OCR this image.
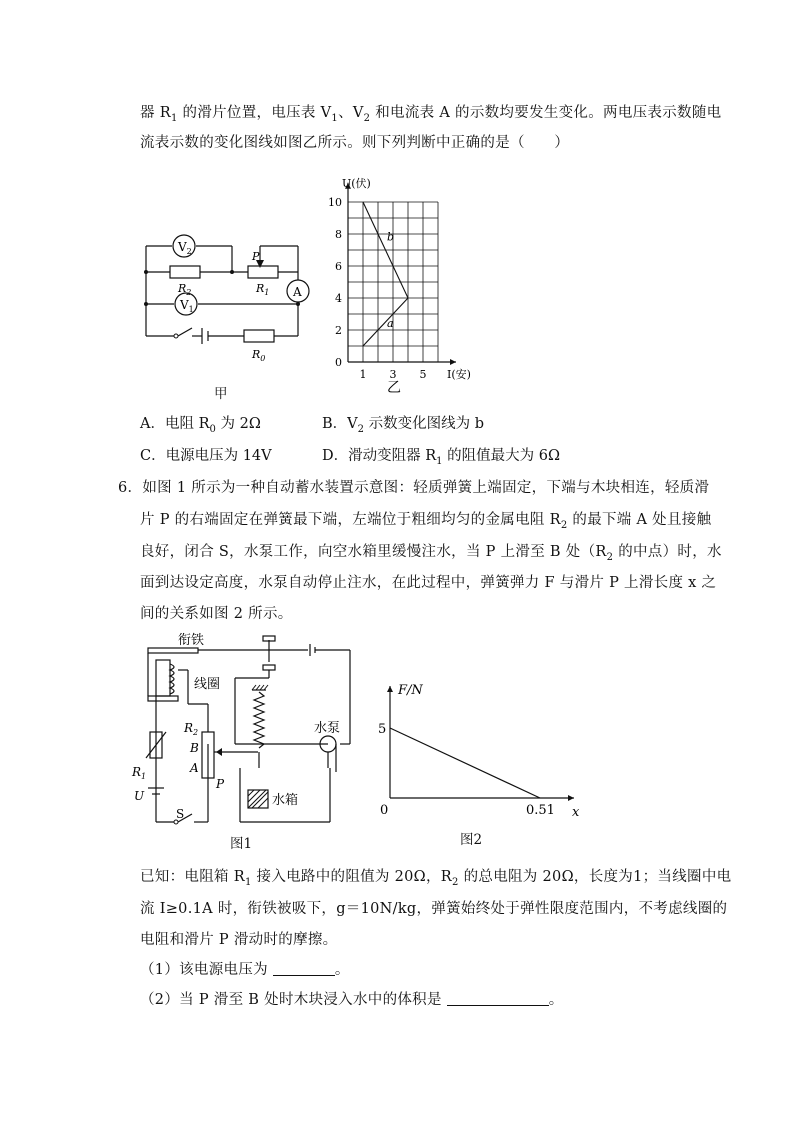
器 $R_1$ 的滑片位置，电压表 $V_1$、$V_2$ 和电流表 A 的示数均要发生变化。两电压表示数随电
流表示数的变化图线如图乙所示。则下列判断中正确的是（　　）
$V_2$
$V_1$
A
P
$R_2$	$R_1$
$R_0$
甲
0
2
4
6
8
10
1 3 5
U(伏)
I(安)
乙
b
a
A．电阻 $R_0$ 为 2Ω	B．$V_2$ 示数变化图线为 b
C．电源电压为 14V	D．滑动变阻器 $R_1$ 的阻值最大为 6Ω
6．如图 1 所示为一种自动蓄水装置示意图：轻质弹簧上端固定，下端与木块相连，轻质滑
片 P 的右端固定在弹簧最下端，左端位于粗细均匀的金属电阻 $R_2$ 的最下端 A 处且接触
良好，闭合 S，水泵工作，向空水箱里缓慢注水，当 P 上滑至 B 处（$R_2$ 的中点）时，水
面到达设定高度，水泵自动停止注水，在此过程中，弹簧弹力 F 与滑片 P 上滑长度 x 之
间的关系如图 2 所示。
衔铁
线圈
水泵
水箱
$R_2$
B
A
P
$R_1$
U
S
图1
F/N
5
0	0.51 x
图2
已知：电阻箱 $R_1$ 接入电路中的阻值为 20Ω，$R_2$ 的总电阻为 20Ω，长度为1；当线圈中电
流 I≥0.1A 时，衔铁被吸下，g＝10N/kg，弹簧始终处于弹性限度范围内，不考虑线圈的
电阻和滑片 P 滑动时的摩擦。
（1）该电源电压为	。
（2）当 P 滑至 B 处时木块浸入水中的体积是	。
